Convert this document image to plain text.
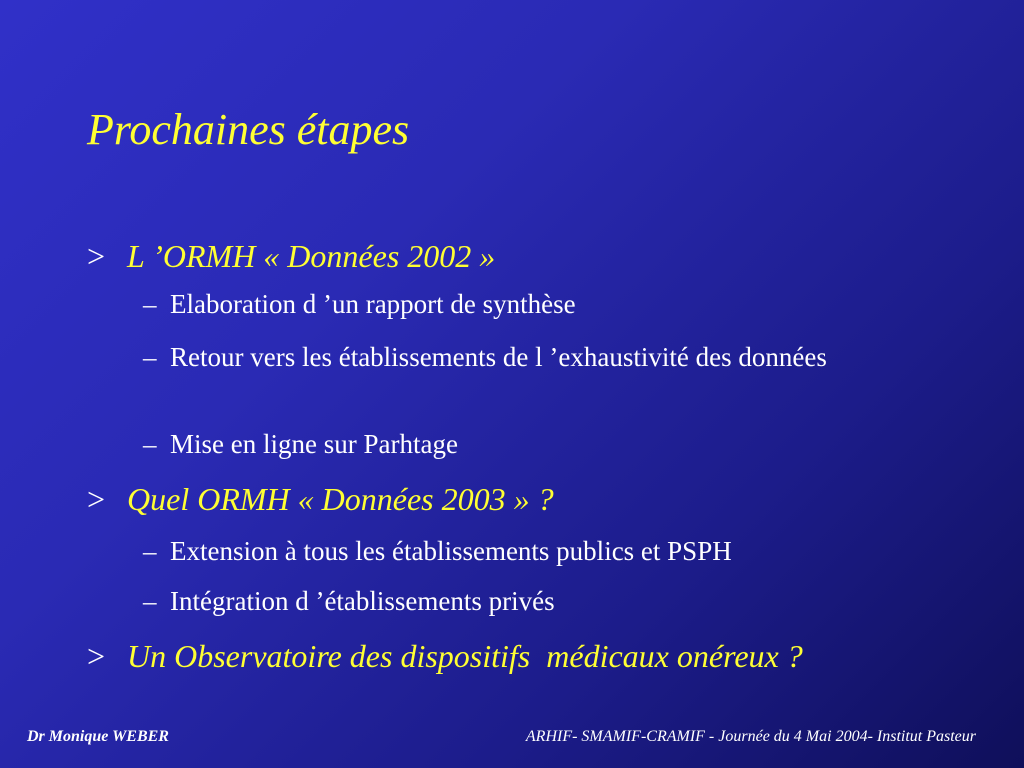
Prochaines étapes
> L ’ORMH « Données 2002 »
– Elaboration d ’un rapport de synthèse
– Retour vers les établissements de l ’exhaustivité des données
– Mise en ligne sur Parhtage
> Quel ORMH « Données 2003 » ?
– Extension à tous les établissements publics et PSPH
– Intégration d ’établissements privés
> Un Observatoire des dispositifs  médicaux onéreux ?
Dr Monique WEBER	ARHIF- SMAMIF-CRAMIF - Journée du 4 Mai 2004- Institut Pasteur
